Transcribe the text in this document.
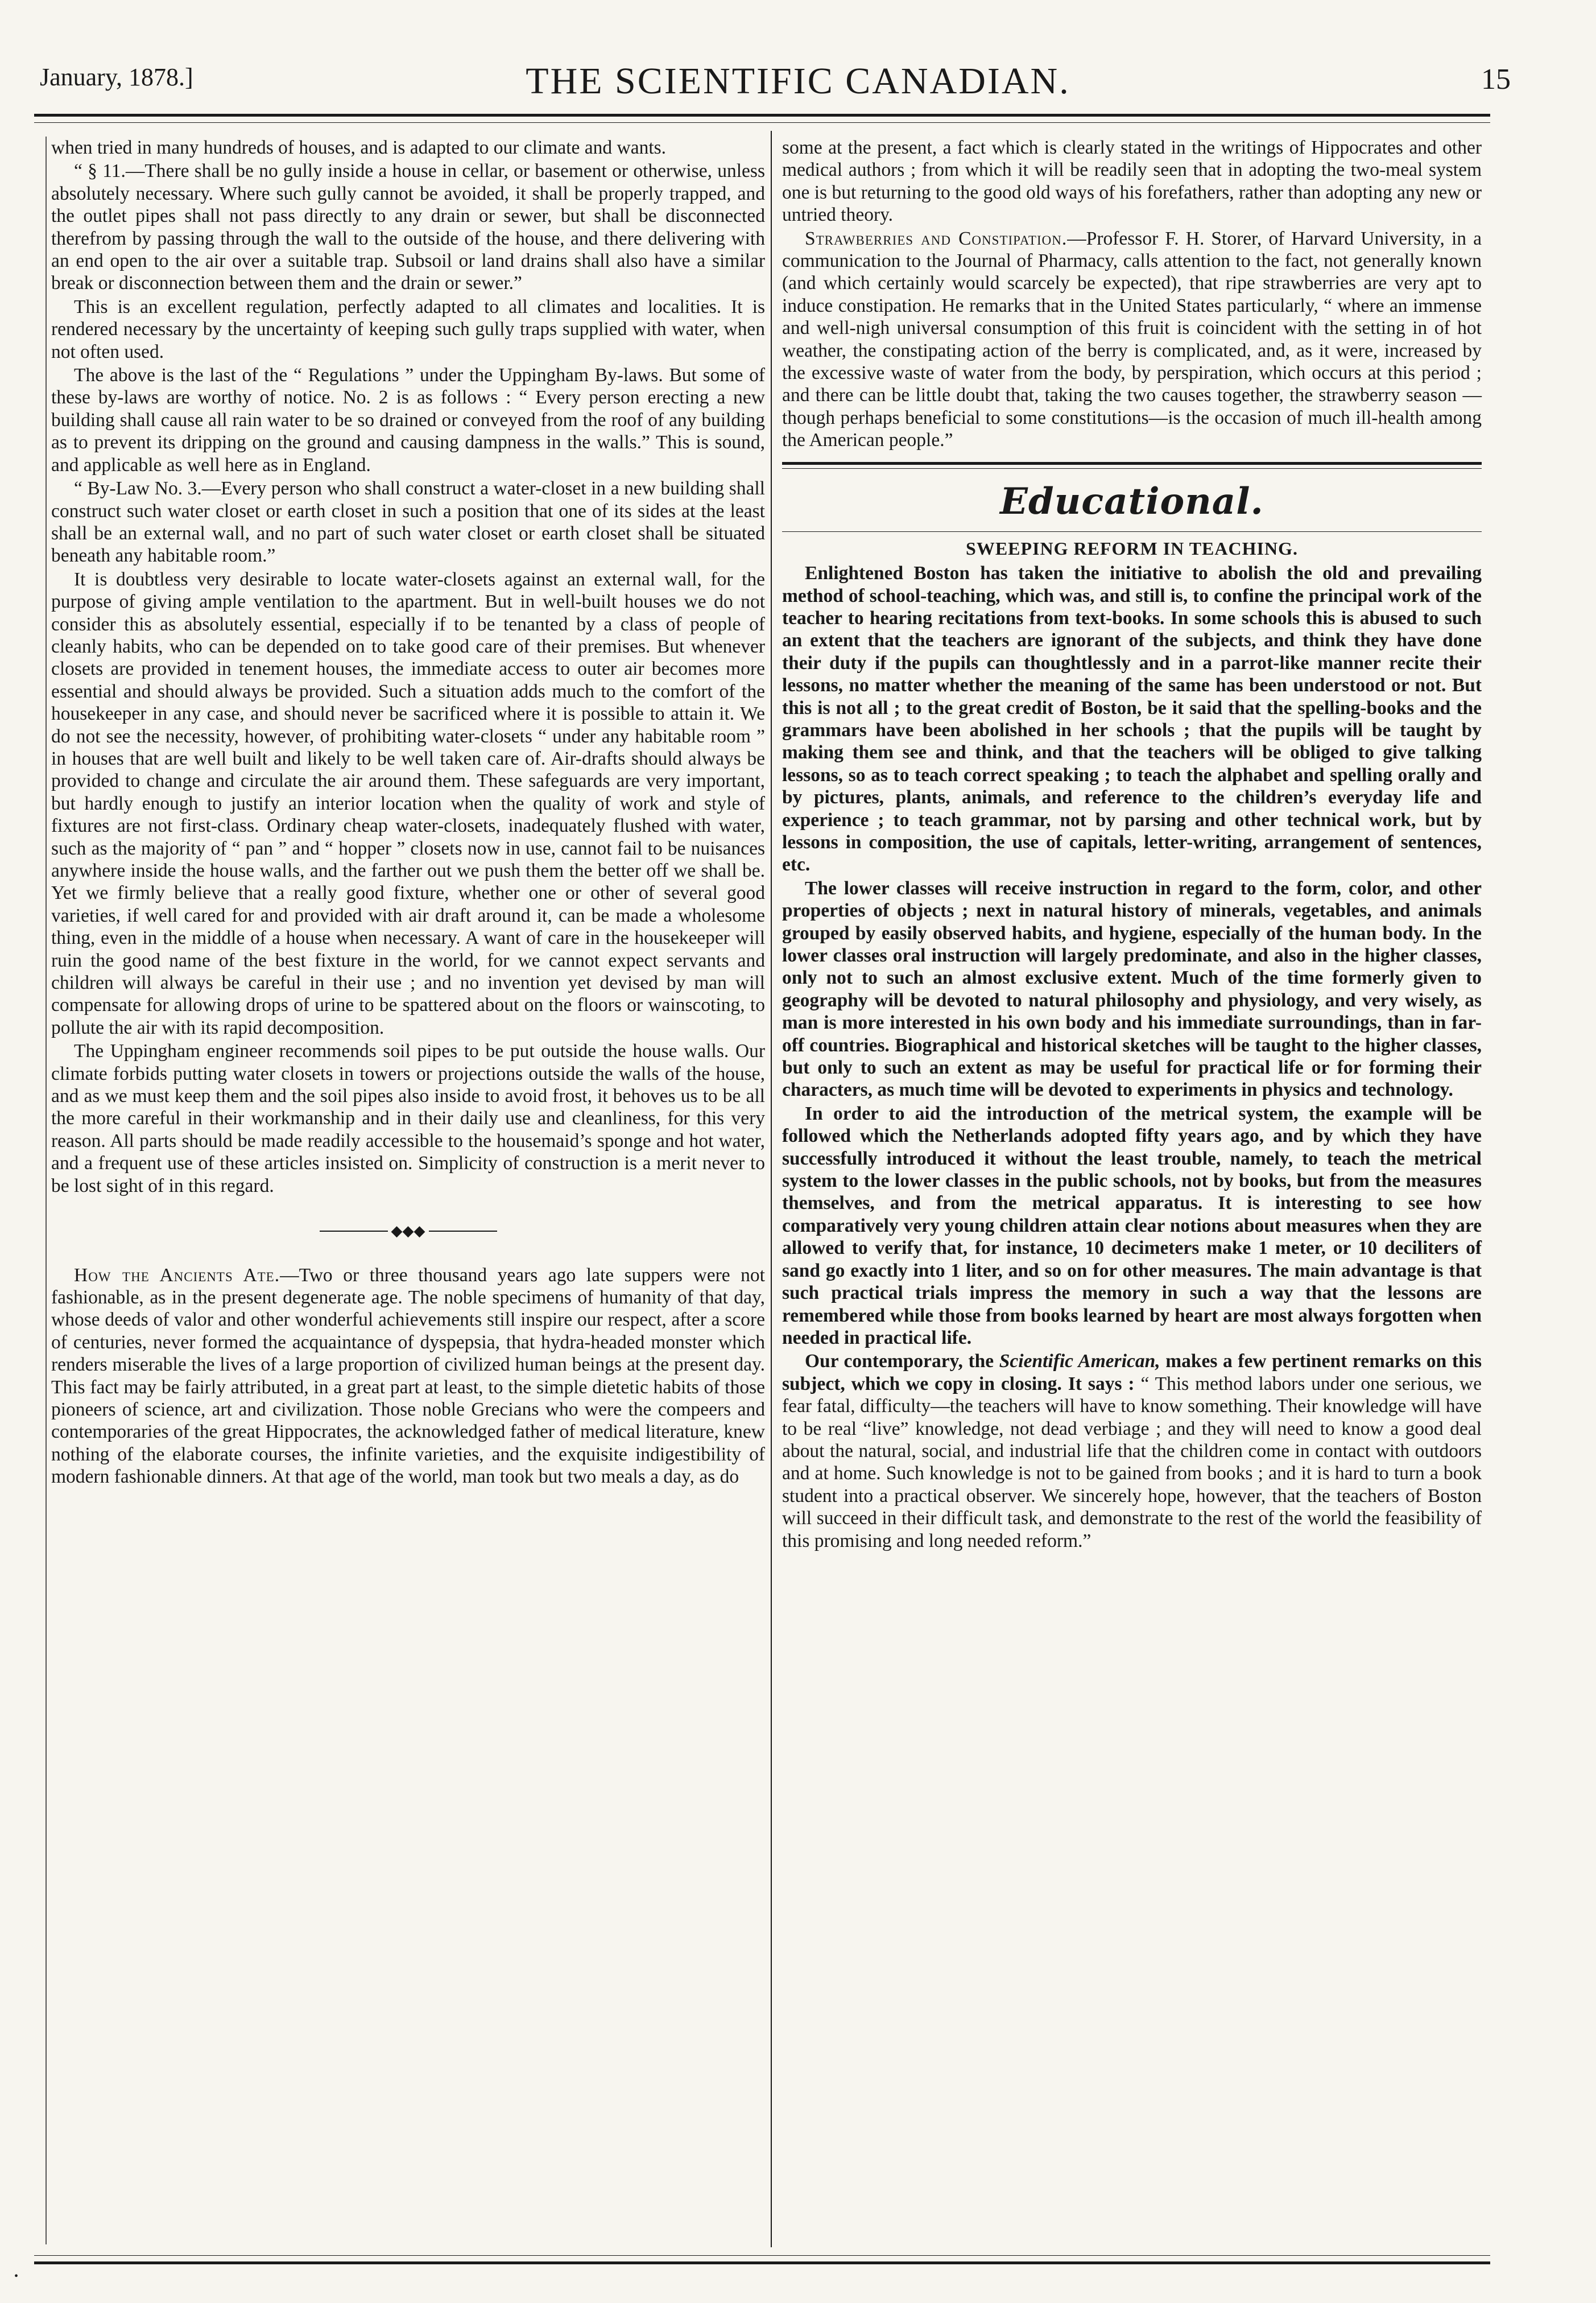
January, 1878.]	THE SCIENTIFIC CANADIAN.	15

when tried in many hundreds of houses, and is adapted to our climate and wants.

“ § 11.—There shall be no gully inside a house in cellar, or basement or otherwise, unless absolutely necessary. Where such gully cannot be avoided, it shall be properly trapped, and the outlet pipes shall not pass directly to any drain or sewer, but shall be disconnected therefrom by passing through the wall to the outside of the house, and there delivering with an end open to the air over a suitable trap. Subsoil or land drains shall also have a similar break or disconnection between them and the drain or sewer.”

This is an excellent regulation, perfectly adapted to all climates and localities. It is rendered necessary by the uncertainty of keeping such gully traps supplied with water, when not often used.

The above is the last of the “ Regulations ” under the Uppingham By-laws. But some of these by-laws are worthy of notice. No. 2 is as follows : “ Every person erecting a new building shall cause all rain water to be so drained or conveyed from the roof of any building as to prevent its dripping on the ground and causing dampness in the walls.” This is sound, and applicable as well here as in England.

“ By-Law No. 3.—Every person who shall construct a water-closet in a new building shall construct such water closet or earth closet in such a position that one of its sides at the least shall be an external wall, and no part of such water closet or earth closet shall be situated beneath any habitable room.”

It is doubtless very desirable to locate water-closets against an external wall, for the purpose of giving ample ventilation to the apartment. But in well-built houses we do not consider this as absolutely essential, especially if to be tenanted by a class of people of cleanly habits, who can be depended on to take good care of their premises. But whenever closets are provided in tenement houses, the immediate access to outer air becomes more essential and should always be provided. Such a situation adds much to the comfort of the housekeeper in any case, and should never be sacrificed where it is possible to attain it. We do not see the necessity, however, of prohibiting water-closets “ under any habitable room ” in houses that are well built and likely to be well taken care of. Air-drafts should always be provided to change and circulate the air around them. These safeguards are very important, but hardly enough to justify an interior location when the quality of work and style of fixtures are not first-class. Ordinary cheap water-closets, inadequately flushed with water, such as the majority of “ pan ” and “ hopper ” closets now in use, cannot fail to be nuisances anywhere inside the house walls, and the farther out we push them the better off we shall be. Yet we firmly believe that a really good fixture, whether one or other of several good varieties, if well cared for and provided with air draft around it, can be made a wholesome thing, even in the middle of a house when necessary. A want of care in the housekeeper will ruin the good name of the best fixture in the world, for we cannot expect servants and children will always be careful in their use ; and no invention yet devised by man will compensate for allowing drops of urine to be spattered about on the floors or wainscoting, to pollute the air with its rapid decomposition.

The Uppingham engineer recommends soil pipes to be put outside the house walls. Our climate forbids putting water closets in towers or projections outside the walls of the house, and as we must keep them and the soil pipes also inside to avoid frost, it behoves us to be all the more careful in their workmanship and in their daily use and cleanliness, for this very reason. All parts should be made readily accessible to the housemaid’s sponge and hot water, and a frequent use of these articles insisted on. Simplicity of construction is a merit never to be lost sight of in this regard.

◆◆◆

How the Ancients Ate.—Two or three thousand years ago late suppers were not fashionable, as in the present degenerate age. The noble specimens of humanity of that day, whose deeds of valor and other wonderful achievements still inspire our respect, after a score of centuries, never formed the acquaintance of dyspepsia, that hydra-headed monster which renders miserable the lives of a large proportion of civilized human beings at the present day. This fact may be fairly attributed, in a great part at least, to the simple dietetic habits of those pioneers of science, art and civilization. Those noble Grecians who were the compeers and contemporaries of the great Hippocrates, the acknowledged father of medical literature, knew nothing of the elaborate courses, the infinite varieties, and the exquisite indigestibility of modern fashionable dinners. At that age of the world, man took but two meals a day, as do

some at the present, a fact which is clearly stated in the writings of Hippocrates and other medical authors ; from which it will be readily seen that in adopting the two-meal system one is but returning to the good old ways of his forefathers, rather than adopting any new or untried theory.

Strawberries and Constipation.—Professor F. H. Storer, of Harvard University, in a communication to the Journal of Pharmacy, calls attention to the fact, not generally known (and which certainly would scarcely be expected), that ripe strawberries are very apt to induce constipation. He remarks that in the United States particularly, “ where an immense and well-nigh universal consumption of this fruit is coincident with the setting in of hot weather, the constipating action of the berry is complicated, and, as it were, increased by the excessive waste of water from the body, by perspiration, which occurs at this period ; and there can be little doubt that, taking the two causes together, the strawberry season — though perhaps beneficial to some constitutions—is the occasion of much ill-health among the American people.”

Educational.
SWEEPING REFORM IN TEACHING.

Enlightened Boston has taken the initiative to abolish the old and prevailing method of school-teaching, which was, and still is, to confine the principal work of the teacher to hearing recitations from text-books. In some schools this is abused to such an extent that the teachers are ignorant of the subjects, and think they have done their duty if the pupils can thoughtlessly and in a parrot-like manner recite their lessons, no matter whether the meaning of the same has been understood or not. But this is not all ; to the great credit of Boston, be it said that the spelling-books and the grammars have been abolished in her schools ; that the pupils will be taught by making them see and think, and that the teachers will be obliged to give talking lessons, so as to teach correct speaking ; to teach the alphabet and spelling orally and by pictures, plants, animals, and reference to the children’s everyday life and experience ; to teach grammar, not by parsing and other technical work, but by lessons in composition, the use of capitals, letter-writing, arrangement of sentences, etc.

The lower classes will receive instruction in regard to the form, color, and other properties of objects ; next in natural history of minerals, vegetables, and animals grouped by easily observed habits, and hygiene, especially of the human body. In the lower classes oral instruction will largely predominate, and also in the higher classes, only not to such an almost exclusive extent. Much of the time formerly given to geography will be devoted to natural philosophy and physiology, and very wisely, as man is more interested in his own body and his immediate surroundings, than in far-off countries. Biographical and historical sketches will be taught to the higher classes, but only to such an extent as may be useful for practical life or for forming their characters, as much time will be devoted to experiments in physics and technology.

In order to aid the introduction of the metrical system, the example will be followed which the Netherlands adopted fifty years ago, and by which they have successfully introduced it without the least trouble, namely, to teach the metrical system to the lower classes in the public schools, not by books, but from the measures themselves, and from the metrical apparatus. It is interesting to see how comparatively very young children attain clear notions about measures when they are allowed to verify that, for instance, 10 decimeters make 1 meter, or 10 deciliters of sand go exactly into 1 liter, and so on for other measures. The main advantage is that such practical trials impress the memory in such a way that the lessons are remembered while those from books learned by heart are most always forgotten when needed in practical life.

Our contemporary, the Scientific American, makes a few pertinent remarks on this subject, which we copy in closing. It says : “ This method labors under one serious, we fear fatal, difficulty—the teachers will have to know something. Their knowledge will have to be real “live” knowledge, not dead verbiage ; and they will need to know a good deal about the natural, social, and industrial life that the children come in contact with outdoors and at home. Such knowledge is not to be gained from books ; and it is hard to turn a book student into a practical observer. We sincerely hope, however, that the teachers of Boston will succeed in their difficult task, and demonstrate to the rest of the world the feasibility of this promising and long needed reform.”

•
